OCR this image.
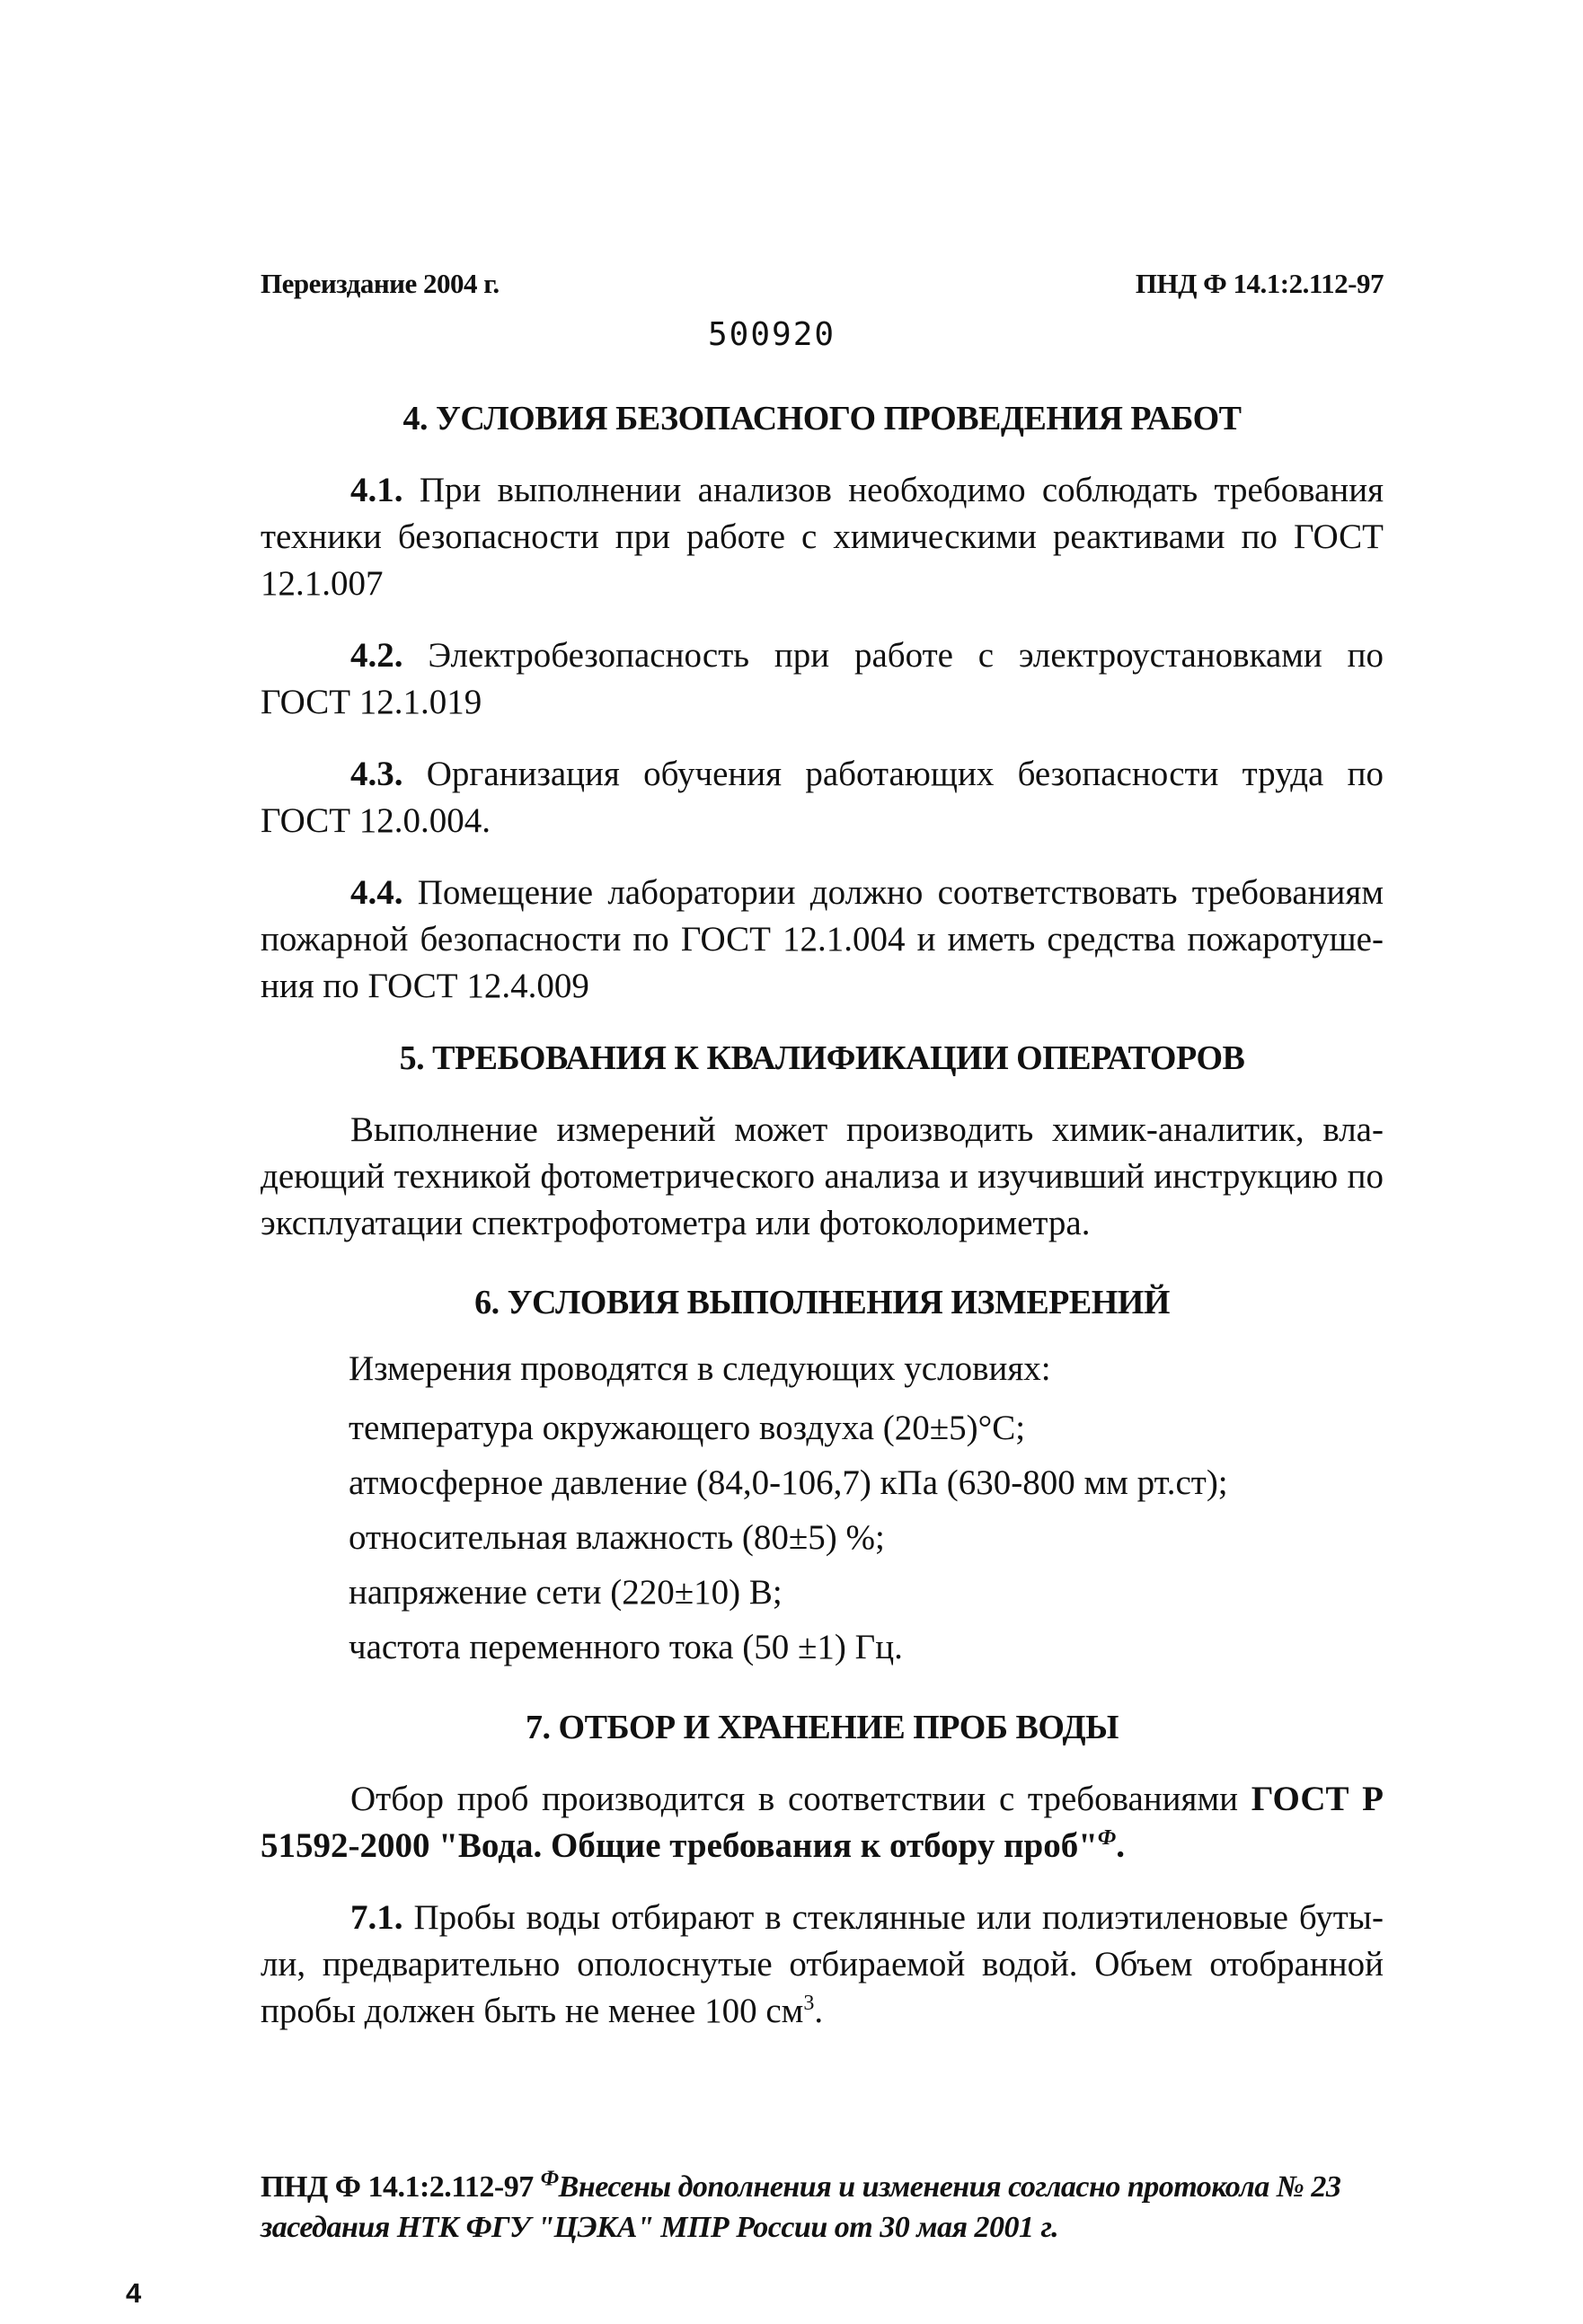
Переиздание 2004 г.	ПНД Ф 14.1:2.112-97
500920
4. УСЛОВИЯ БЕЗОПАСНОГО ПРОВЕДЕНИЯ РАБОТ

4.1. При выполнении анализов необходимо соблюдать требования техники безопасности при работе с химическими реактивами по ГОСТ 12.1.007

4.2. Электробезопасность при работе с электроустановками по ГОСТ 12.1.019

4.3. Организация обучения работающих безопасности труда по ГОСТ 12.0.004.

4.4. Помещение лаборатории должно соответствовать требованиям пожарной безопасности по ГОСТ 12.1.004 и иметь средства пожаротушения по ГОСТ 12.4.009

5. ТРЕБОВАНИЯ К КВАЛИФИКАЦИИ ОПЕРАТОРОВ

Выполнение измерений может производить химик-аналитик, владеющий техникой фотометрического анализа и изучивший инструкцию по эксплуатации спектрофотометра или фотоколориметра.

6. УСЛОВИЯ ВЫПОЛНЕНИЯ ИЗМЕРЕНИЙ

Измерения проводятся в следующих условиях:

температура окружающего воздуха (20±5)°С;
атмосферное давление (84,0-106,7) кПа (630-800 мм рт.ст);
относительная влажность (80±5) %;
напряжение сети (220±10) В;
частота переменного тока (50 ±1) Гц.
7. ОТБОР И ХРАНЕНИЕ ПРОБ ВОДЫ

Отбор проб производится в соответствии с требованиями ГОСТ Р 51592-2000 "Вода. Общие требования к отбору проб"$^Ф$.

7.1. Пробы воды отбирают в стеклянные или полиэтиленовые бутыли, предварительно ополоснутые отбираемой водой. Объем отобранной пробы должен быть не менее 100 $см^3$.

ПНД Ф 14.1:2.112-97 $^Ф$Внесены дополнения и изменения согласно протокола № 23 заседания НТК ФГУ "ЦЭКА" МПР России от 30 мая 2001 г.
4
